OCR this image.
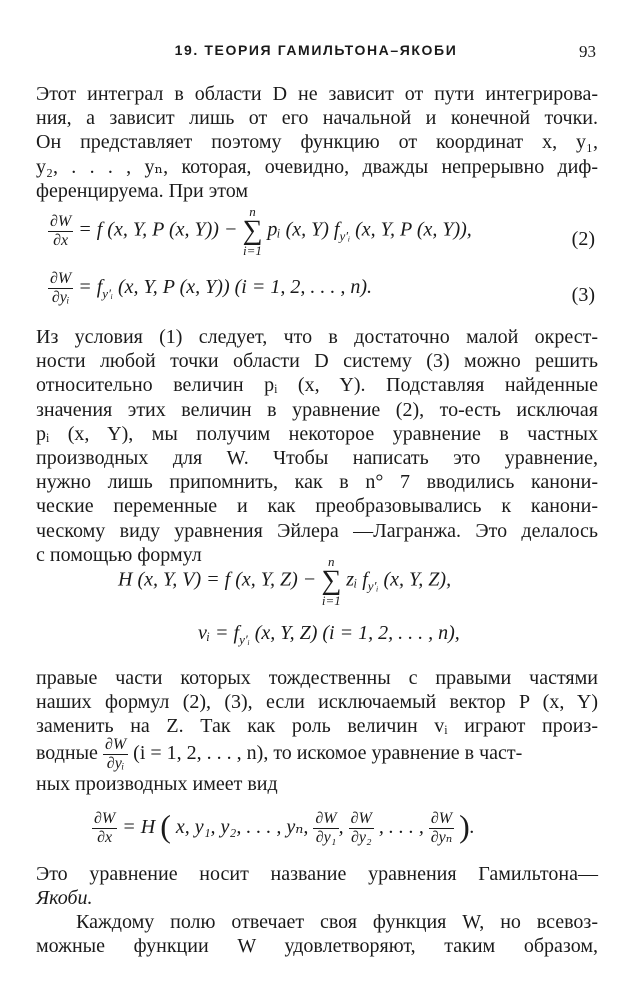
19. ТЕОРИЯ ГАМИЛЬТОНА–ЯКОБИ	93
Этот интеграл в области D не зависит от пути интегрирова-
ния, а зависит лишь от его начальной и конечной точки.
Он представляет поэтому функцию от координат x, y₁,
y₂, . . . , yₙ, которая, очевидно, дважды непрерывно диф-
ференцируема. При этом
$\frac{\partial W}{\partial x} = f$ (x, Y, P (x, Y)) −
n
∑
i=1
pᵢ (x, Y) $f_{y'ᵢ}$ (x, Y, P (x, Y)),	(2)
$\frac{\partial W}{\text{∂yᵢ}} = f_{y'ᵢ}$ (x, Y, P (x, Y)) (i = 1, 2, . . . , n).	(3)
Из условия (1) следует, что в достаточно малой окрест-
ности любой точки области D систему (3) можно решить
относительно величин pᵢ (x, Y). Подставляя найденные
значения этих величин в уравнение (2), то-есть исключая
pᵢ (x, Y), мы получим некоторое уравнение в частных
производных для W. Чтобы написать это уравнение,
нужно лишь припомнить, как в n° 7 вводились канони-
ческие переменные и как преобразовывались к канони-
ческому виду уравнения Эйлера —Лагранжа. Это делалось
с помощью формул
H (x, Y, V) = f (x, Y, Z) −
n
∑
i=1
zᵢ $f_{y'ᵢ}$ (x, Y, Z),
vᵢ = $f_{y'ᵢ}$ (x, Y, Z) (i = 1, 2, . . . , n),
правые части которых тождественны с правыми частями
наших формул (2), (3), если исключаемый вектор P (x, Y)
заменить на Z. Так как роль величин vᵢ играют произ-
водные $\frac{\partial W}{\text{∂yᵢ}} (i = 1$, 2, . . . , n), то искомое уравнение в част-
ных производных имеет вид
$\frac{\partial W}{\partial x} = H$ ( x, y₁, y₂, . . . , yₙ, $\frac{\partial W}{\text{∂y₁}}$ , $\frac{\partial W}{\text{∂y₂}}$ , . . . , $\frac{\partial W}{\text{∂yₙ}}$ ).
Это уравнение носит название уравнения Гамильтона—
Якоби.
Каждому полю отвечает своя функция W, но всевоз-
можные функции W удовлетворяют, таким образом,
